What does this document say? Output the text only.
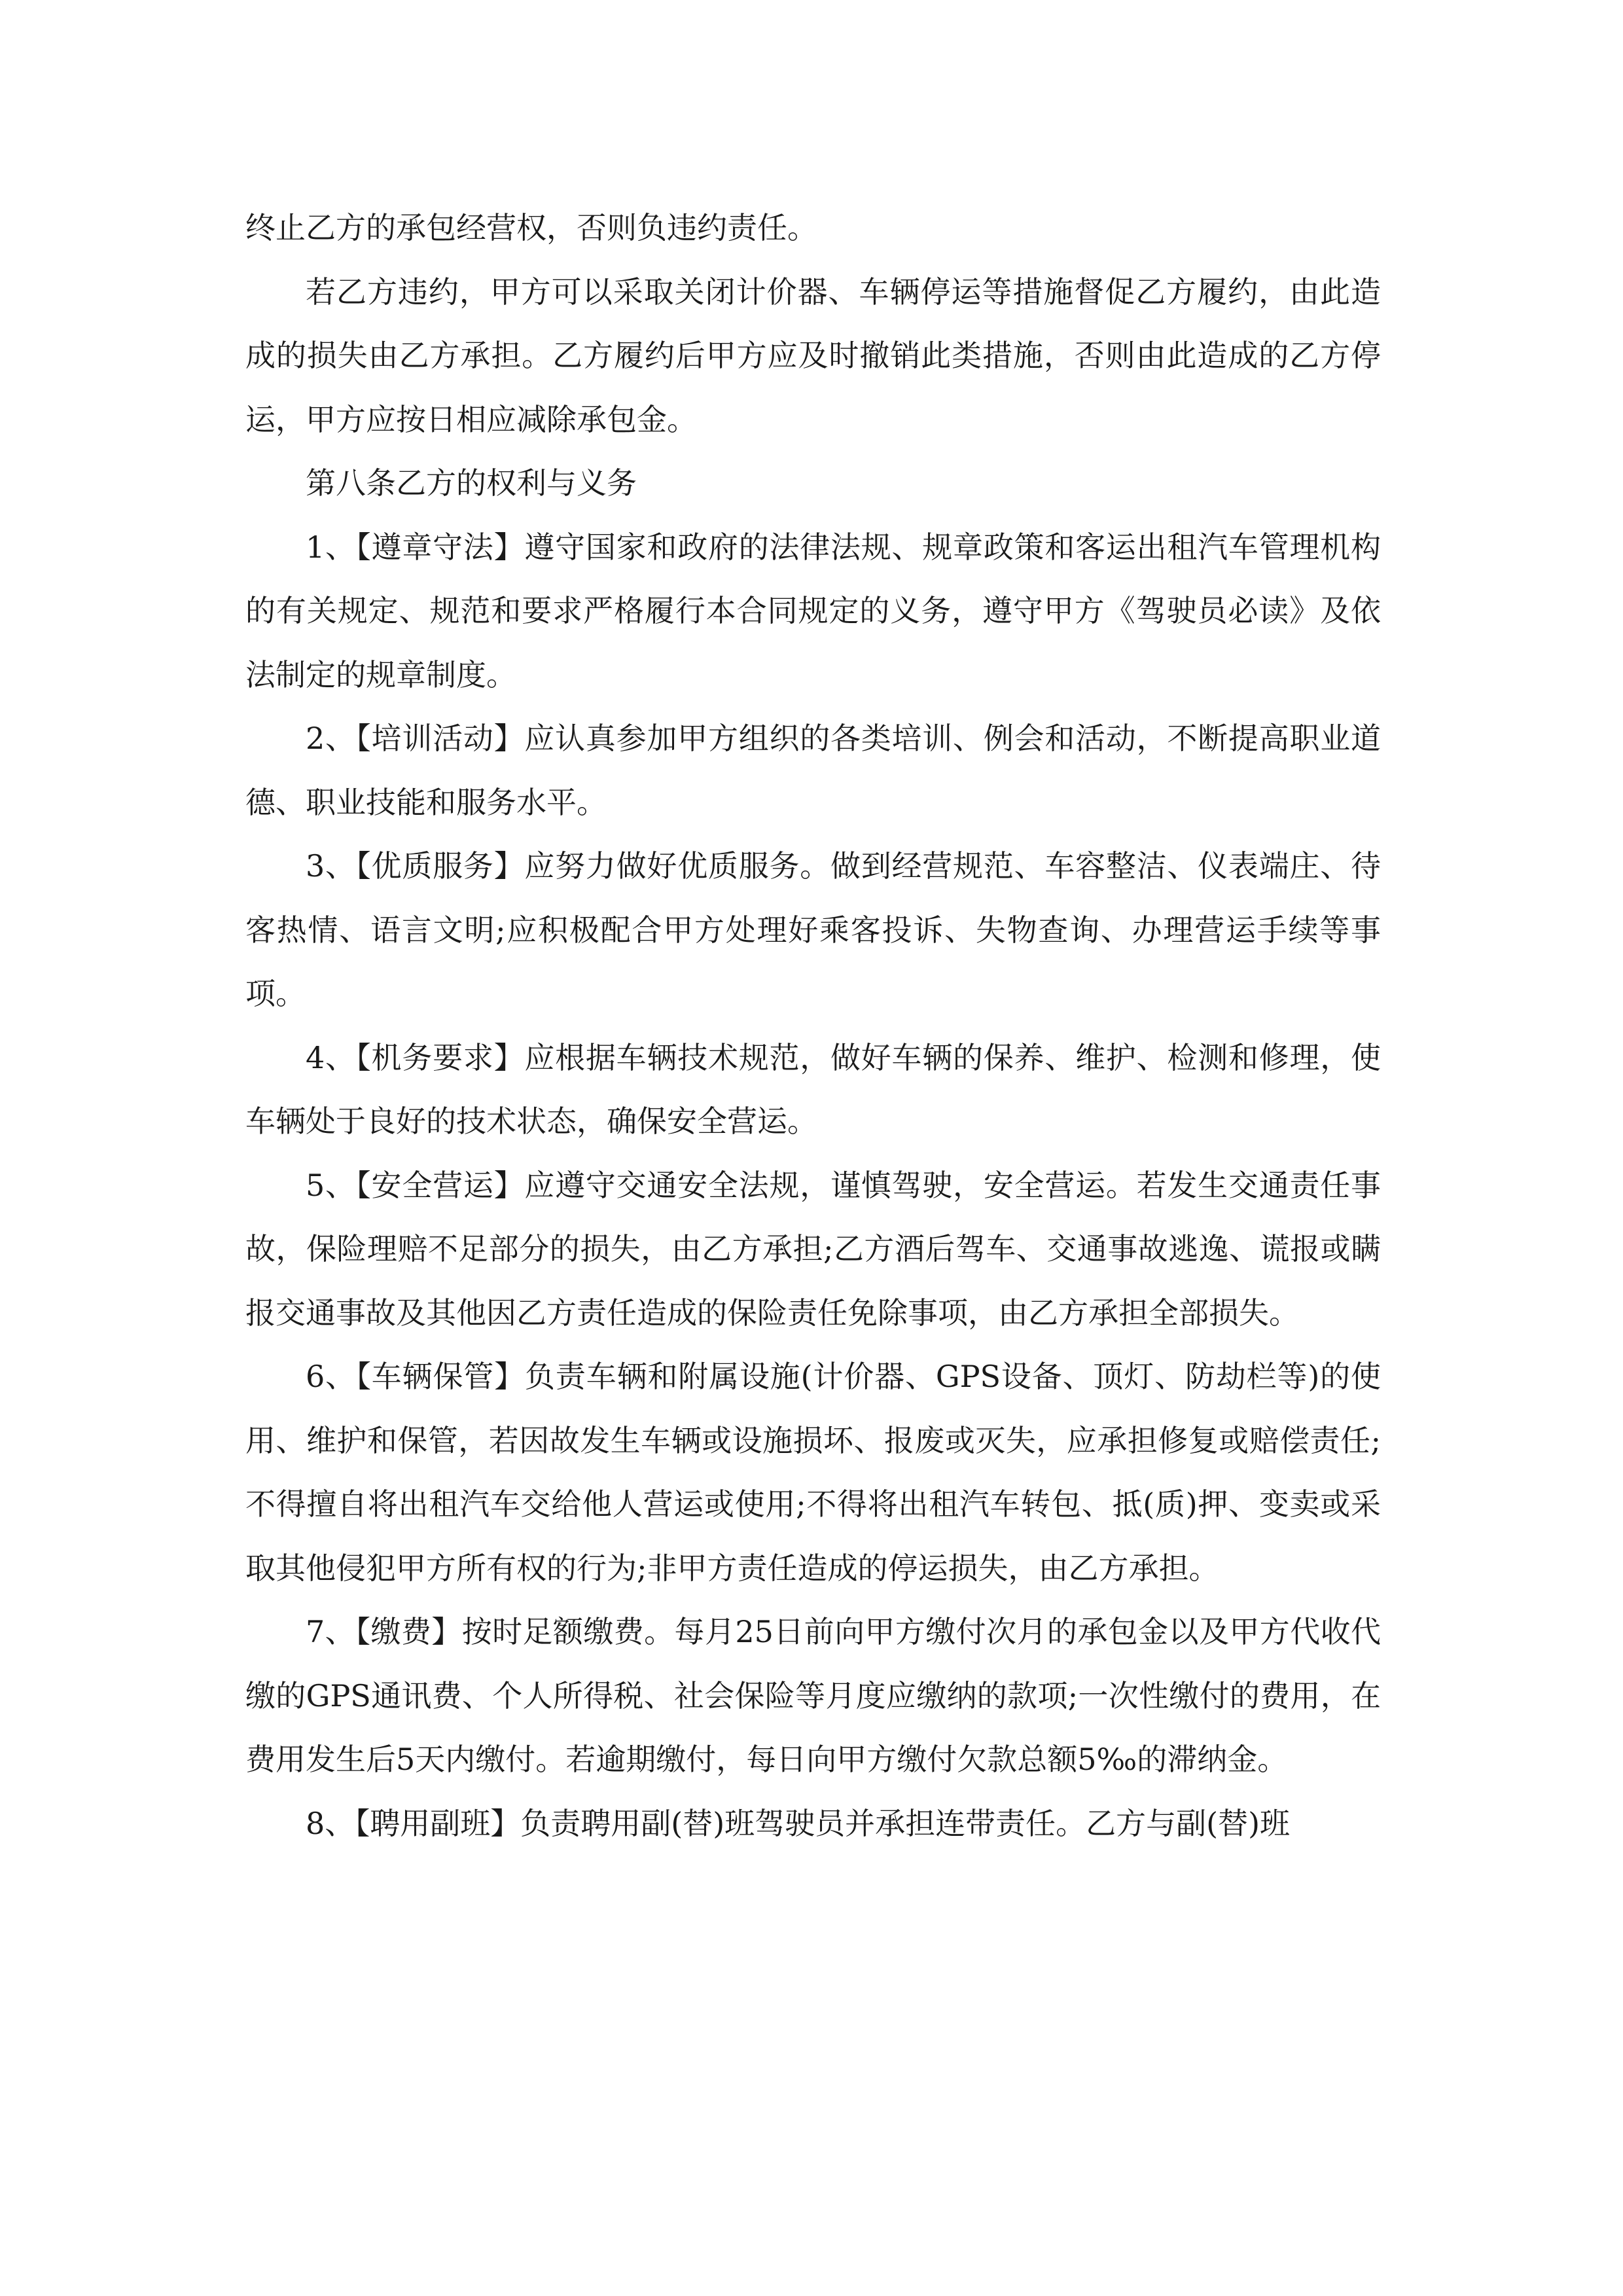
终止乙方的承包经营权，否则负违约责任。

若乙方违约，甲方可以采取关闭计价器、车辆停运等措施督促乙方履约，由此造成的损失由乙方承担。乙方履约后甲方应及时撤销此类措施，否则由此造成的乙方停运，甲方应按日相应减除承包金。

第八条乙方的权利与义务

1、【遵章守法】遵守国家和政府的法律法规、规章政策和客运出租汽车管理机构的有关规定、规范和要求严格履行本合同规定的义务，遵守甲方《驾驶员必读》及依法制定的规章制度。

2、【培训活动】应认真参加甲方组织的各类培训、例会和活动，不断提高职业道德、职业技能和服务水平。

3、【优质服务】应努力做好优质服务。做到经营规范、车容整洁、仪表端庄、待客热情、语言文明;应积极配合甲方处理好乘客投诉、失物查询、办理营运手续等事项。

4、【机务要求】应根据车辆技术规范，做好车辆的保养、维护、检测和修理，使车辆处于良好的技术状态，确保安全营运。

5、【安全营运】应遵守交通安全法规，谨慎驾驶，安全营运。若发生交通责任事故，保险理赔不足部分的损失，由乙方承担;乙方酒后驾车、交通事故逃逸、谎报或瞒报交通事故及其他因乙方责任造成的保险责任免除事项，由乙方承担全部损失。

6、【车辆保管】负责车辆和附属设施(计价器、GPS设备、顶灯、防劫栏等)的使用、维护和保管，若因故发生车辆或设施损坏、报废或灭失，应承担修复或赔偿责任;不得擅自将出租汽车交给他人营运或使用;不得将出租汽车转包、抵(质)押、变卖或采取其他侵犯甲方所有权的行为;非甲方责任造成的停运损失，由乙方承担。

7、【缴费】按时足额缴费。每月25日前向甲方缴付次月的承包金以及甲方代收代缴的GPS通讯费、个人所得税、社会保险等月度应缴纳的款项;一次性缴付的费用，在费用发生后5天内缴付。若逾期缴付，每日向甲方缴付欠款总额5‰的滞纳金。

8、【聘用副班】负责聘用副(替)班驾驶员并承担连带责任。乙方与副(替)班
